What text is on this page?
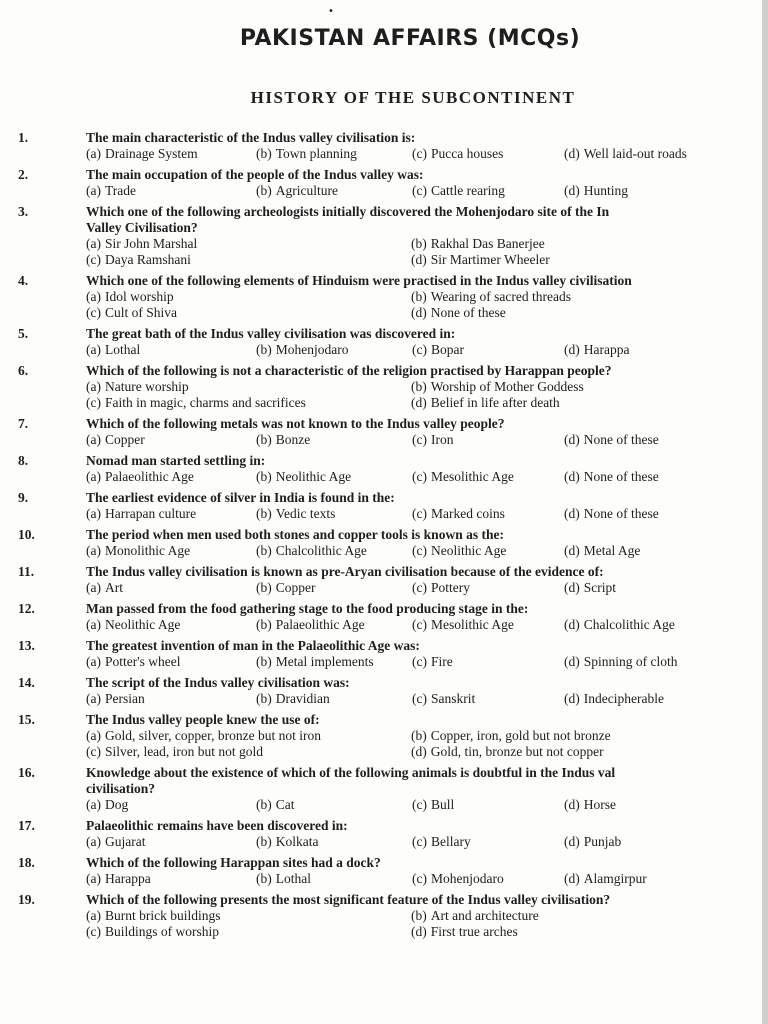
•
PAKISTAN AFFAIRS (MCQs)
HISTORY OF THE SUBCONTINENT
1.	The main characteristic of the Indus valley civilisation is:
(a) Drainage System	(b) Town planning	(c) Pucca houses	(d) Well laid-out roads
2.	The main occupation of the people of the Indus valley was:
(a) Trade	(b) Agriculture	(c) Cattle rearing	(d) Hunting
3.	Which one of the following archeologists initially discovered the Mohenjodaro site of the In
Valley Civilisation?
(a) Sir John Marshal	(b) Rakhal Das Banerjee
(c) Daya Ramshani	(d) Sir Martimer Wheeler
4.	Which one of the following elements of Hinduism were practised in the Indus valley civilisation
(a) Idol worship	(b) Wearing of sacred threads
(c) Cult of Shiva	(d) None of these
5.	The great bath of the Indus valley civilisation was discovered in:
(a) Lothal	(b) Mohenjodaro	(c) Bopar	(d) Harappa
6.	Which of the following is not a characteristic of the religion practised by Harappan people?
(a) Nature worship	(b) Worship of Mother Goddess
(c) Faith in magic, charms and sacrifices	(d) Belief in life after death
7.	Which of the following metals was not known to the Indus valley people?
(a) Copper	(b) Bonze	(c) Iron	(d) None of these
8.	Nomad man started settling in:
(a) Palaeolithic Age	(b) Neolithic Age	(c) Mesolithic Age	(d) None of these
9.	The earliest evidence of silver in India is found in the:
(a) Harrapan culture	(b) Vedic texts	(c) Marked coins	(d) None of these
10.	The period when men used both stones and copper tools is known as the:
(a) Monolithic Age	(b) Chalcolithic Age	(c) Neolithic Age	(d) Metal Age
11.	The Indus valley civilisation is known as pre-Aryan civilisation because of the evidence of:
(a) Art	(b) Copper	(c) Pottery	(d) Script
12.	Man passed from the food gathering stage to the food producing stage in the:
(a) Neolithic Age	(b) Palaeolithic Age	(c) Mesolithic Age	(d) Chalcolithic Age
13.	The greatest invention of man in the Palaeolithic Age was:
(a) Potter's wheel	(b) Metal implements	(c) Fire	(d) Spinning of cloth
14.	The script of the Indus valley civilisation was:
(a) Persian	(b) Dravidian	(c) Sanskrit	(d) Indecipherable
15.	The Indus valley people knew the use of:
(a) Gold, silver, copper, bronze but not iron	(b) Copper, iron, gold but not bronze
(c) Silver, lead, iron but not gold	(d) Gold, tin, bronze but not copper
16.	Knowledge about the existence of which of the following animals is doubtful in the Indus val
civilisation?
(a) Dog	(b) Cat	(c) Bull	(d) Horse
17.	Palaeolithic remains have been discovered in:
(a) Gujarat	(b) Kolkata	(c) Bellary	(d) Punjab
18.	Which of the following Harappan sites had a dock?
(a) Harappa	(b) Lothal	(c) Mohenjodaro	(d) Alamgirpur
19.	Which of the following presents the most significant feature of the Indus valley civilisation?
(a) Burnt brick buildings	(b) Art and architecture
(c) Buildings of worship	(d) First true arches
